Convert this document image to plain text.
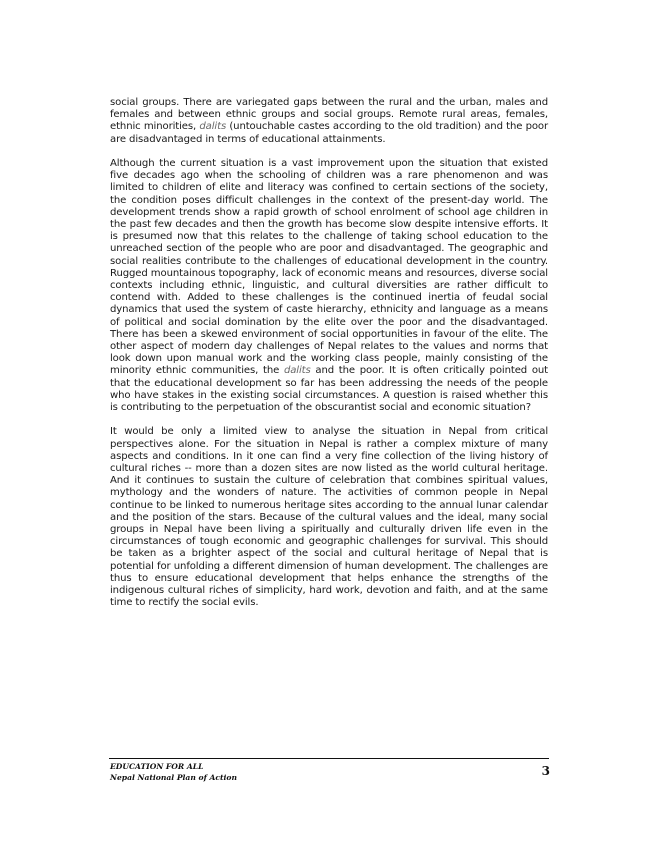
social groups. There are variegated gaps between the rural and the urban, males and females and between ethnic groups and social groups. Remote rural areas, females, ethnic minorities, dalits (untouchable castes according to the old tradition) and the poor are disadvantaged in terms of educational attainments.

Although the current situation is a vast improvement upon the situation that existed five decades ago when the schooling of children was a rare phenomenon and was limited to children of elite and literacy was confined to certain sections of the society, the condition poses difficult challenges in the context of the present-day world. The development trends show a rapid growth of school enrolment of school age children in the past few decades and then the growth has become slow despite intensive efforts. It is presumed now that this relates to the challenge of taking school education to the unreached section of the people who are poor and disadvantaged. The geographic and social realities contribute to the challenges of educational development in the country. Rugged mountainous topography, lack of economic means and resources, diverse social contexts including ethnic, linguistic, and cultural diversities are rather difficult to contend with. Added to these challenges is the continued inertia of feudal social dynamics that used the system of caste hierarchy, ethnicity and language as a means of political and social domination by the elite over the poor and the disadvantaged. There has been a skewed environment of social opportunities in favour of the elite. The other aspect of modern day challenges of Nepal relates to the values and norms that look down upon manual work and the working class people, mainly consisting of the minority ethnic communities, the dalits and the poor. It is often critically pointed out that the educational development so far has been addressing the needs of the people who have stakes in the existing social circumstances. A question is raised whether this is contributing to the perpetuation of the obscurantist social and economic situation?

It would be only a limited view to analyse the situation in Nepal from critical perspectives alone. For the situation in Nepal is rather a complex mixture of many aspects and conditions. In it one can find a very fine collection of the living history of cultural riches -- more than a dozen sites are now listed as the world cultural heritage. And it continues to sustain the culture of celebration that combines spiritual values, mythology and the wonders of nature. The activities of common people in Nepal continue to be linked to numerous heritage sites according to the annual lunar calendar and the position of the stars. Because of the cultural values and the ideal, many social groups in Nepal have been living a spiritually and culturally driven life even in the circumstances of tough economic and geographic challenges for survival. This should be taken as a brighter aspect of the social and cultural heritage of Nepal that is potential for unfolding a different dimension of human development. The challenges are thus to ensure educational development that helps enhance the strengths of the indigenous cultural riches of simplicity, hard work, devotion and faith, and at the same time to rectify the social evils.

EDUCATION FOR ALL
Nepal National Plan of Action	3
